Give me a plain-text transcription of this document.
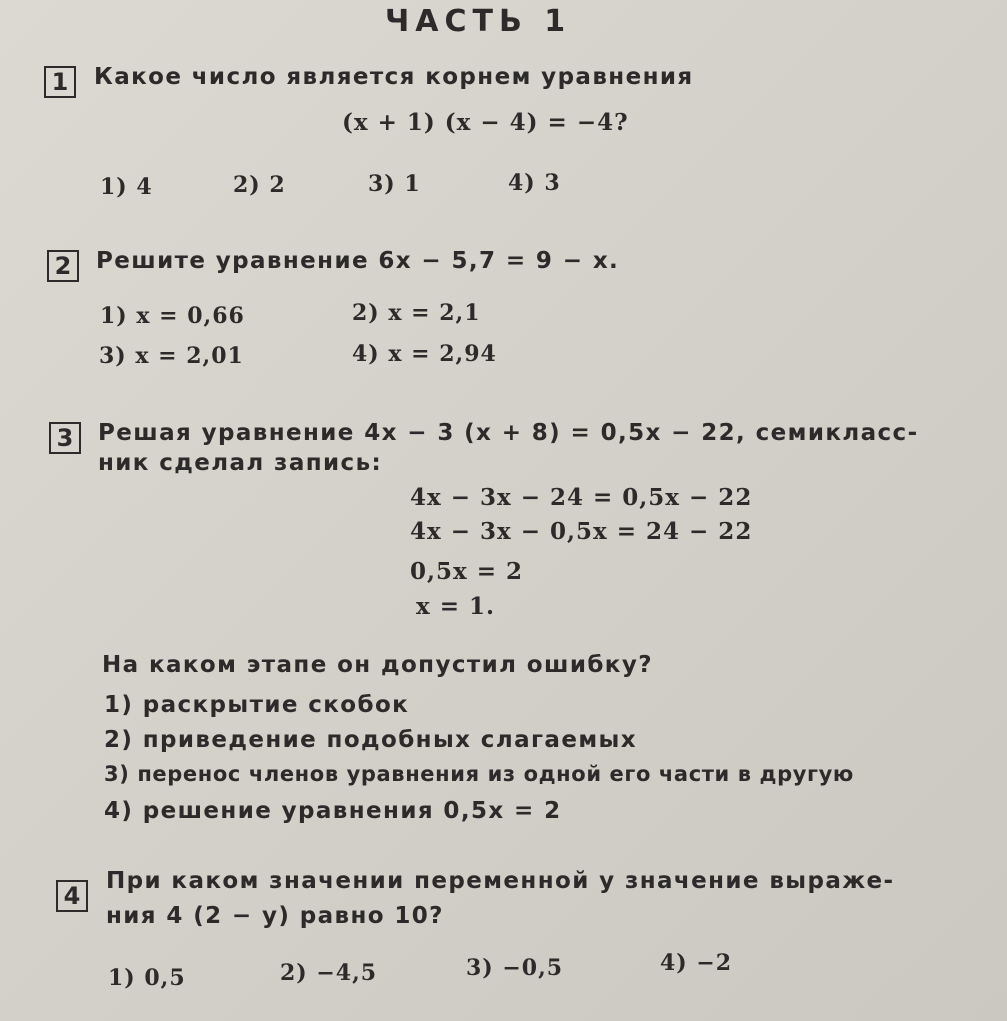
ЧАСТЬ 1
1	Какое число является корнем уравнения
(x + 1) (x − 4) = −4?
1) 4	2) 2	3) 1	4) 3
2	Решите уравнение 6x − 5,7 = 9 − x.
1) x = 0,66	2) x = 2,1
3) x = 2,01	4) x = 2,94
3	Решая уравнение 4x − 3 (x + 8) = 0,5x − 22, семикласс-
ник сделал запись:
4x − 3x − 24 = 0,5x − 22
4x − 3x − 0,5x = 24 − 22
0,5x = 2
x = 1.
На каком этапе он допустил ошибку?
1) раскрытие скобок
2) приведение подобных слагаемых
3) перенос членов уравнения из одной его части в другую
4) решение уравнения 0,5x = 2
4
При каком значении переменной y значение выраже-
ния 4 (2 − y) равно 10?
1) 0,5	2) −4,5	3) −0,5	4) −2
